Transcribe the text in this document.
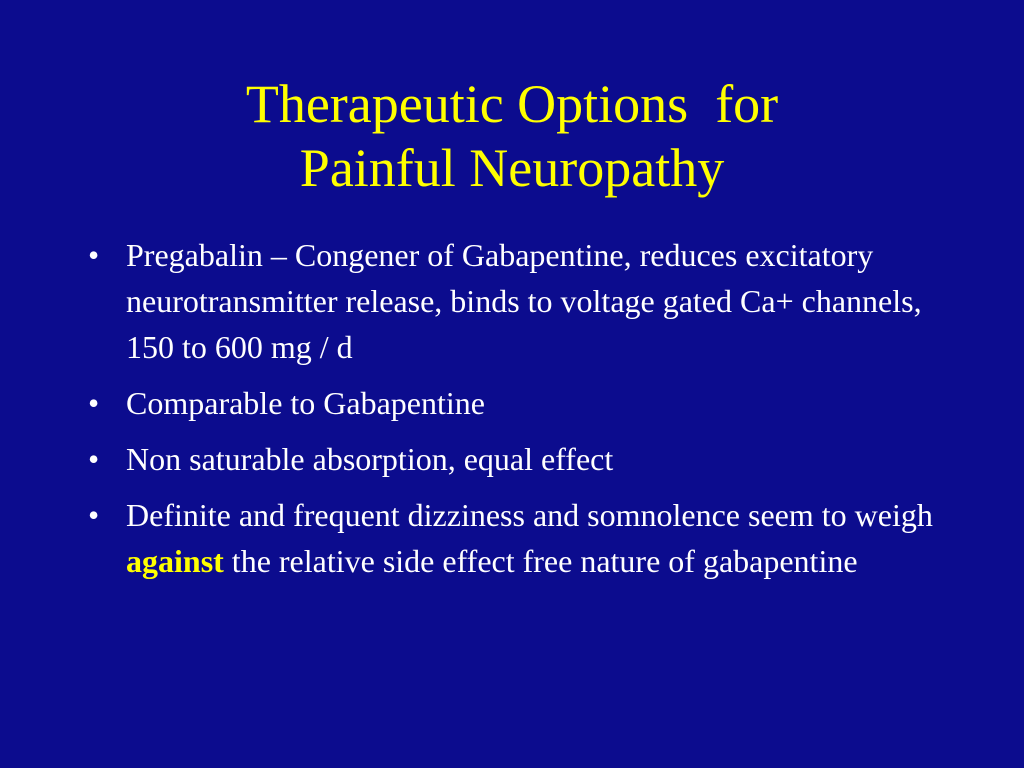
Therapeutic Options  for
Painful Neuropathy
• Pregabalin – Congener of Gabapentine, reduces excitatory neurotransmitter release, binds to voltage gated Ca+ channels, 150 to 600 mg / d
• Comparable to Gabapentine
• Non saturable absorption, equal effect
• Definite and frequent dizziness and somnolence seem to weigh against the relative side effect free nature of gabapentine
